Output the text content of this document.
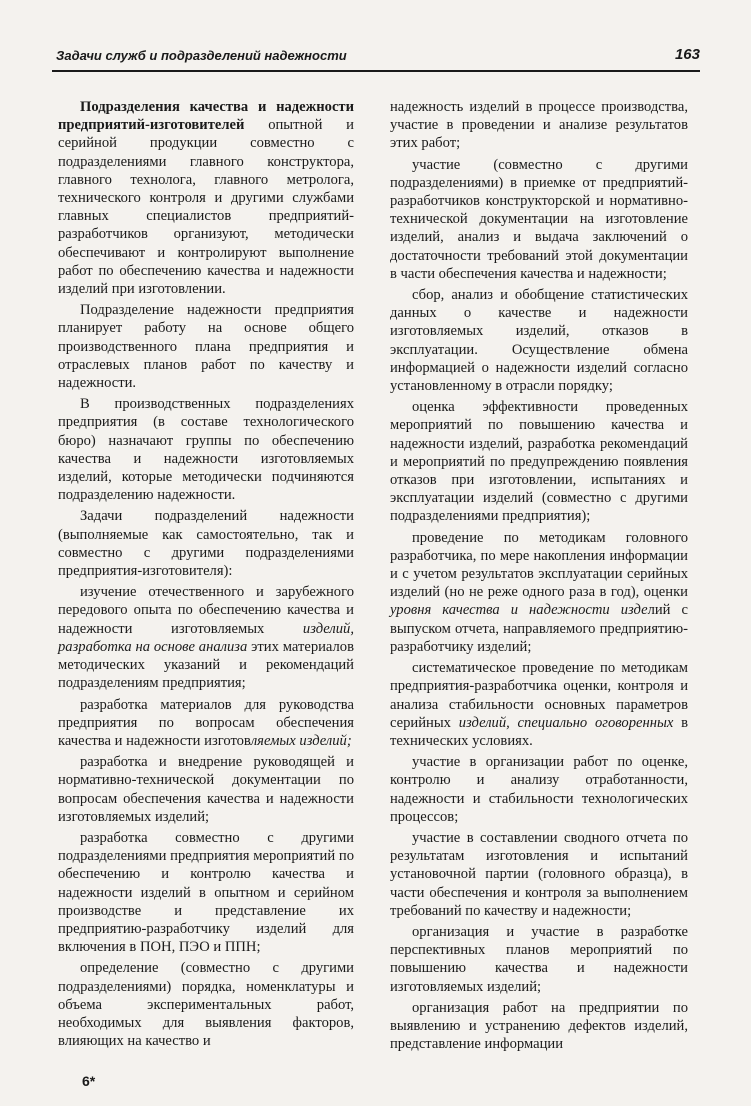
Задачи служб и подразделений надежности	163

Подразделения качества и надежности предприятий-изготовителей опытной и серийной продукции совместно с подразделениями главного конструктора, главного технолога, главного метролога, технического контроля и другими службами главных специалистов предприятий-разработчиков организуют, методически обеспечивают и контролируют выполнение работ по обеспечению качества и надежности изделий при изготовлении.

Подразделение надежности предприятия планирует работу на основе общего производственного плана предприятия и отраслевых планов работ по качеству и надежности.

В производственных подразделениях предприятия (в составе технологического бюро) назначают группы по обеспечению качества и надежности изготовляемых изделий, которые методически подчиняются подразделению надежности.

Задачи подразделений надежности (выполняемые как самостоятельно, так и совместно с другими подразделениями предприятия-изготовителя):

изучение отечественного и зарубежного передового опыта по обеспечению качества и надежности изготовляемых изделий, разработка на основе анализа этих материалов методических указаний и рекомендаций подразделениям предприятия;

разработка материалов для руководства предприятия по вопросам обеспечения качества и надежности изготовляемых изделий;

разработка и внедрение руководящей и нормативно-технической документации по вопросам обеспечения качества и надежности изготовляемых изделий;

разработка совместно с другими подразделениями предприятия мероприятий по обеспечению и контролю качества и надежности изделий в опытном и серийном производстве и представление их предприятию-разработчику изделий для включения в ПОН, ПЭО и ППН;

определение (совместно с другими подразделениями) порядка, номенклатуры и объема экспериментальных работ, необходимых для выявления факторов, влияющих на качество и

надежность изделий в процессе производства, участие в проведении и анализе результатов этих работ;

участие (совместно с другими подразделениями) в приемке от предприятий-разработчиков конструкторской и нормативно-технической документации на изготовление изделий, анализ и выдача заключений о достаточности требований этой документации в части обеспечения качества и надежности;

сбор, анализ и обобщение статистических данных о качестве и надежности изготовляемых изделий, отказов в эксплуатации. Осуществление обмена информацией о надежности изделий согласно установленному в отрасли порядку;

оценка эффективности проведенных мероприятий по повышению качества и надежности изделий, разработка рекомендаций и мероприятий по предупреждению появления отказов при изготовлении, испытаниях и эксплуатации изделий (совместно с другими подразделениями предприятия);

проведение по методикам головного разработчика, по мере накопления информации и с учетом результатов эксплуатации серийных изделий (но не реже одного раза в год), оценки уровня качества и надежности изделий с выпуском отчета, направляемого предприятию-разработчику изделий;

систематическое проведение по методикам предприятия-разработчика оценки, контроля и анализа стабильности основных параметров серийных изделий, специально оговоренных в технических условиях.

участие в организации работ по оценке, контролю и анализу отработанности, надежности и стабильности технологических процессов;

участие в составлении сводного отчета по результатам изготовления и испытаний установочной партии (головного образца), в части обеспечения и контроля за выполнением требований по качеству и надежности;

организация и участие в разработке перспективных планов мероприятий по повышению качества и надежности изготовляемых изделий;

организация работ на предприятии по выявлению и устранению дефектов изделий, представление информации

6*
